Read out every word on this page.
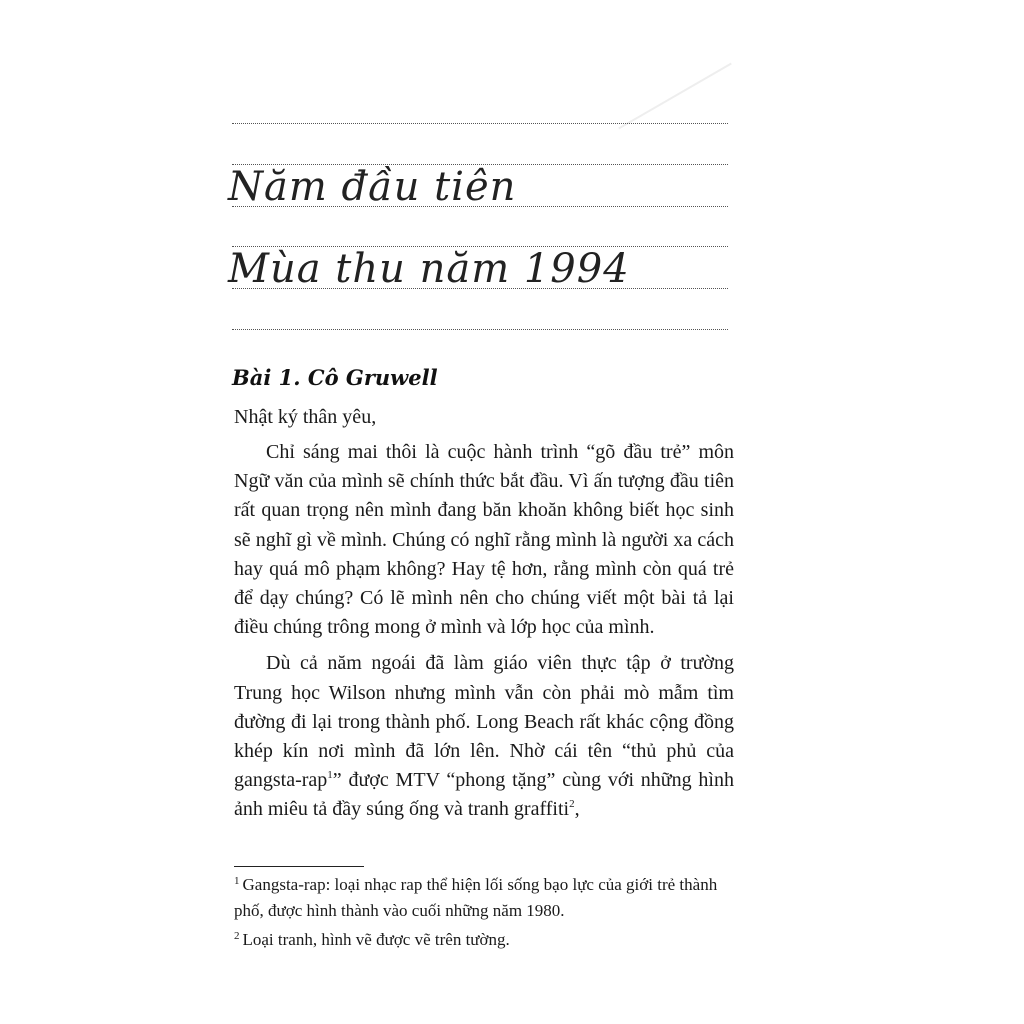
Năm đầu tiên
Mùa thu năm 1994
Bài 1. Cô Gruwell
Nhật ký thân yêu,

Chỉ sáng mai thôi là cuộc hành trình “gõ đầu trẻ” môn Ngữ văn của mình sẽ chính thức bắt đầu. Vì ấn tượng đầu tiên rất quan trọng nên mình đang băn khoăn không biết học sinh sẽ nghĩ gì về mình. Chúng có nghĩ rằng mình là người xa cách hay quá mô phạm không? Hay tệ hơn, rằng mình còn quá trẻ để dạy chúng? Có lẽ mình nên cho chúng viết một bài tả lại điều chúng trông mong ở mình và lớp học của mình.

Dù cả năm ngoái đã làm giáo viên thực tập ở trường Trung học Wilson nhưng mình vẫn còn phải mò mẫm tìm đường đi lại trong thành phố. Long Beach rất khác cộng đồng khép kín nơi mình đã lớn lên. Nhờ cái tên “thủ phủ của gangsta-rap$^1$” được MTV “phong tặng” cùng với những hình ảnh miêu tả đầy súng ống và tranh graffiti$^2$,

$^1$ Gangsta-rap: loại nhạc rap thể hiện lối sống bạo lực của giới trẻ thành phố, được hình thành vào cuối những năm 1980.

$^2$ Loại tranh, hình vẽ được vẽ trên tường.
